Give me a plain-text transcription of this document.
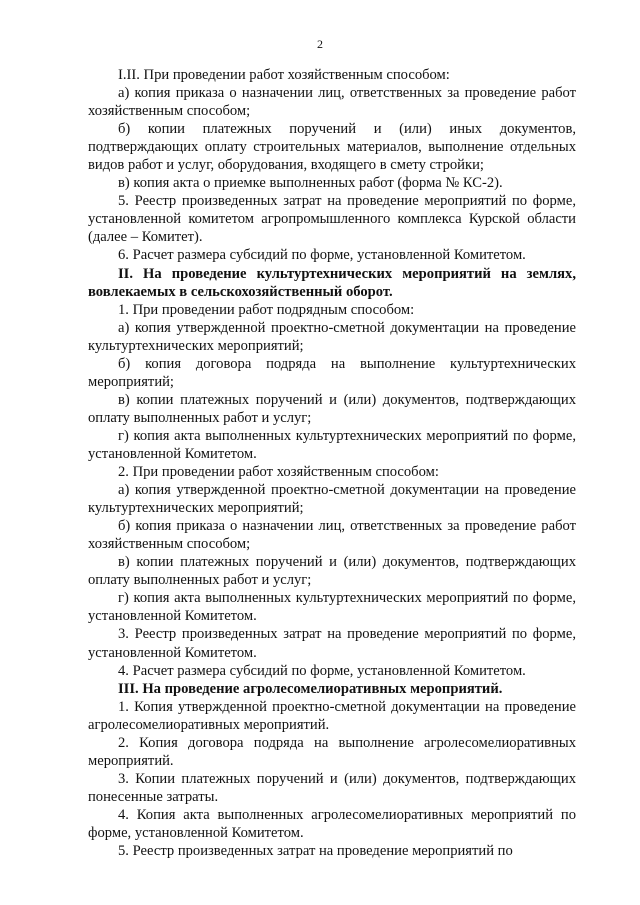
2

I.II. При проведении работ хозяйственным способом:

а) копия приказа о назначении лиц, ответственных за проведение работ хозяйственным способом;

б) копии платежных поручений и (или) иных документов, подтверждающих оплату строительных материалов, выполнение отдельных видов работ и услуг, оборудования, входящего в смету стройки;

в) копия акта о приемке выполненных работ (форма № КС-2).

5. Реестр произведенных затрат на проведение мероприятий по форме, установленной комитетом агропромышленного комплекса Курской области (далее – Комитет).

6. Расчет размера субсидий по форме, установленной Комитетом.

II. На проведение культуртехнических мероприятий на землях, вовлекаемых в сельскохозяйственный оборот.

1. При проведении работ подрядным способом:

а) копия утвержденной проектно-сметной документации на проведение культуртехнических мероприятий;

б) копия договора подряда на выполнение культуртехнических мероприятий;

в) копии платежных поручений и (или) документов, подтверждающих оплату выполненных работ и услуг;

г) копия акта выполненных культуртехнических мероприятий по форме, установленной Комитетом.

2. При проведении работ хозяйственным способом:

а) копия утвержденной проектно-сметной документации на проведение культуртехнических мероприятий;

б) копия приказа о назначении лиц, ответственных за проведение работ хозяйственным способом;

в) копии платежных поручений и (или) документов, подтверждающих оплату выполненных работ и услуг;

г) копия акта выполненных культуртехнических мероприятий по форме, установленной Комитетом.

3. Реестр произведенных затрат на проведение мероприятий по форме, установленной Комитетом.

4. Расчет размера субсидий по форме, установленной Комитетом.

III. На проведение агролесомелиоративных мероприятий.

1. Копия утвержденной проектно-сметной документации на проведение агролесомелиоративных мероприятий.

2. Копия договора подряда на выполнение агролесомелиоративных мероприятий.

3. Копии платежных поручений и (или) документов, подтверждающих понесенные затраты.

4. Копия акта выполненных агролесомелиоративных мероприятий по форме, установленной Комитетом.

5. Реестр произведенных затрат на проведение мероприятий по
